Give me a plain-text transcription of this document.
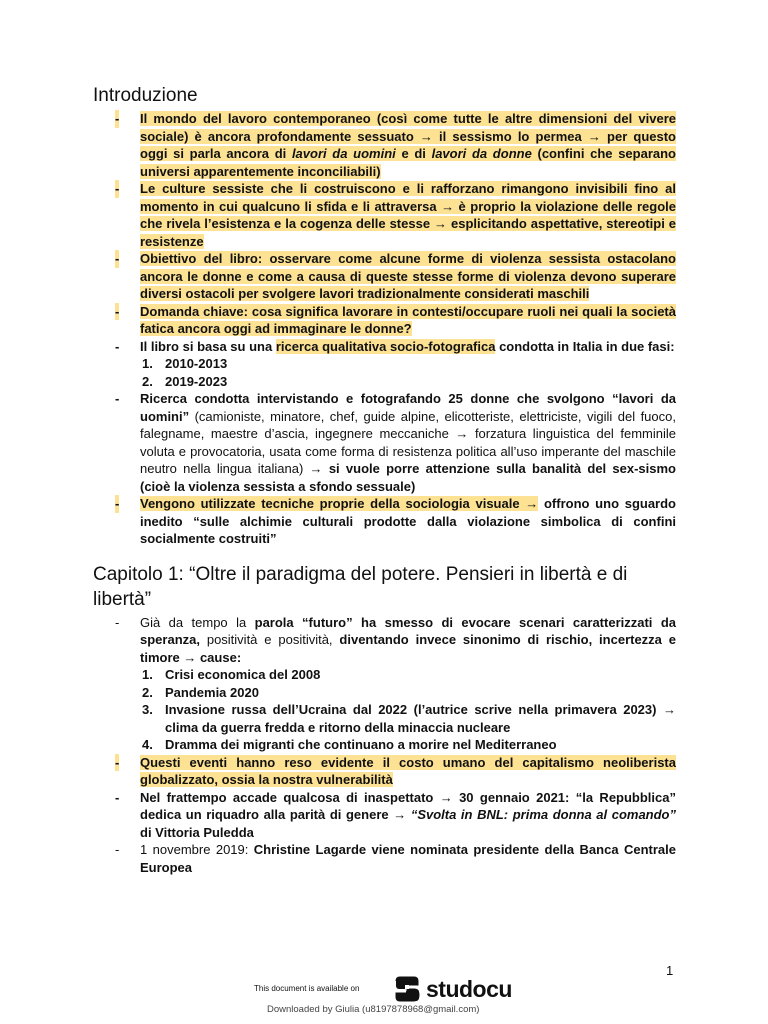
Introduzione
- Il mondo del lavoro contemporaneo (così come tutte le altre dimensioni del vivere sociale) è ancora profondamente sessuato → il sessismo lo permea → per questo oggi si parla ancora di lavori da uomini e di lavori da donne (confini che separano universi apparentemente inconciliabili)
- Le culture sessiste che li costruiscono e li rafforzano rimangono invisibili fino al momento in cui qualcuno li sfida e li attraversa → è proprio la violazione delle regole che rivela l’esistenza e la cogenza delle stesse → esplicitando aspettative, stereotipi e resistenze
- Obiettivo del libro: osservare come alcune forme di violenza sessista ostacolano ancora le donne e come a causa di queste stesse forme di violenza devono superare diversi ostacoli per svolgere lavori tradizionalmente considerati maschili
- Domanda chiave: cosa significa lavorare in contesti/occupare ruoli nei quali la società fatica ancora oggi ad immaginare le donne?
- Il libro si basa su una ricerca qualitativa socio-fotografica condotta in Italia in due fasi:
1. 2010-2013
2. 2019-2023
- Ricerca condotta intervistando e fotografando 25 donne che svolgono “lavori da uomini” (camioniste, minatore, chef, guide alpine, elicotteriste, elettriciste, vigili del fuoco, falegname, maestre d’ascia, ingegnere meccaniche → forzatura linguistica del femminile voluta e provocatoria, usata come forma di resistenza politica all’uso imperante del maschile neutro nella lingua italiana) → si vuole porre attenzione sulla banalità del sex-sismo (cioè la violenza sessista a sfondo sessuale)
- Vengono utilizzate tecniche proprie della sociologia visuale → offrono uno sguardo inedito “sulle alchimie culturali prodotte dalla violazione simbolica di confini socialmente costruiti”
Capitolo 1: “Oltre il paradigma del potere. Pensieri in libertà e di libertà”
- Già da tempo la parola “futuro” ha smesso di evocare scenari caratterizzati da speranza, positività e positività, diventando invece sinonimo di rischio, incertezza e timore → cause:
1. Crisi economica del 2008
2. Pandemia 2020
3. Invasione russa dell’Ucraina dal 2022 (l’autrice scrive nella primavera 2023) → clima da guerra fredda e ritorno della minaccia nucleare
4. Dramma dei migranti che continuano a morire nel Mediterraneo
- Questi eventi hanno reso evidente il costo umano del capitalismo neoliberista globalizzato, ossia la nostra vulnerabilità
- Nel frattempo accade qualcosa di inaspettato → 30 gennaio 2021: “la Repubblica” dedica un riquadro alla parità di genere → “Svolta in BNL: prima donna al comando” di Vittoria Puledda
- 1 novembre 2019: Christine Lagarde viene nominata presidente della Banca Centrale Europea
1
This document is available on	studocu
Downloaded by Giulia (u8197878968@gmail.com)
